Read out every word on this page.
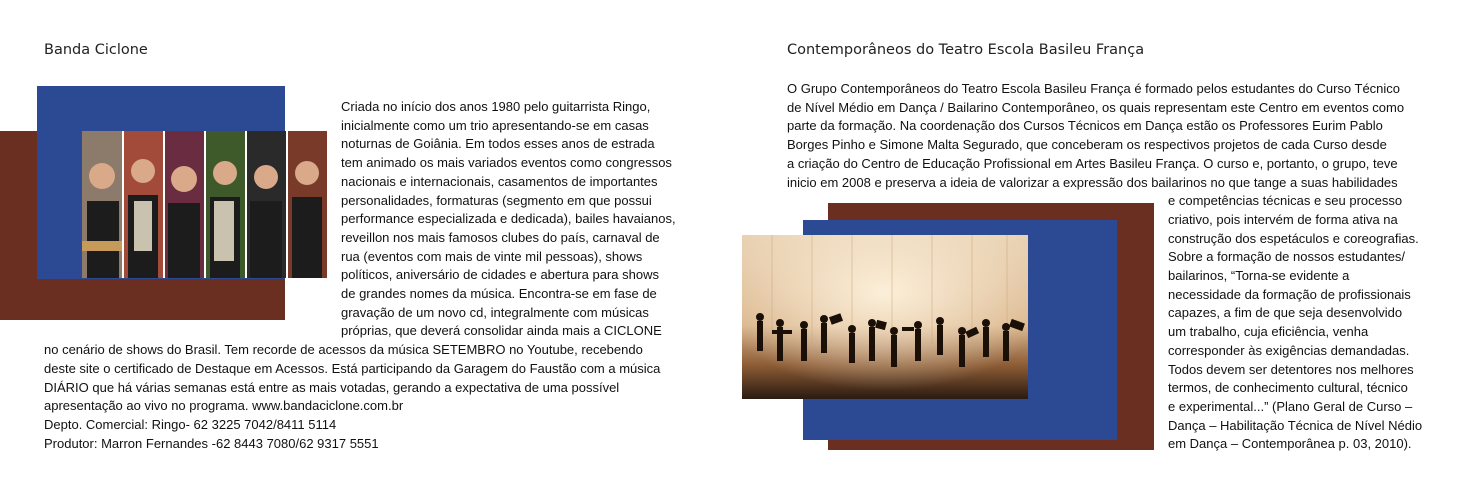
Banda Ciclone
Criada no início dos anos 1980 pelo guitarrista Ringo,
inicialmente como um trio apresentando-se em casas
noturnas de Goiânia. Em todos esses anos de estrada
tem animado os mais variados eventos como congressos
nacionais e internacionais, casamentos de importantes
personalidades, formaturas (segmento em que possui
performance especializada e dedicada), bailes havaianos,
reveillon nos mais famosos clubes do país, carnaval de
rua (eventos com mais de vinte mil pessoas), shows
políticos, aniversário de cidades e abertura para shows
de grandes nomes da música. Encontra-se em fase de
gravação de um novo cd, integralmente com músicas
próprias, que deverá consolidar ainda mais a CICLONE
no cenário de shows do Brasil. Tem recorde de acessos da música SETEMBRO no Youtube, recebendo
deste site o certificado de Destaque em Acessos. Está participando da Garagem do Faustão com a música
DIÁRIO que há várias semanas está entre as mais votadas, gerando a expectativa de uma possível
apresentação ao vivo no programa. www.bandaciclone.com.br
Depto. Comercial: Ringo- 62 3225 7042/8411 5114
Produtor: Marron Fernandes -62 8443 7080/62 9317 5551
Contemporâneos do Teatro Escola Basileu França
O Grupo Contemporâneos do Teatro Escola Basileu França é formado pelos estudantes do Curso Técnico
de Nível Médio em Dança / Bailarino Contemporâneo, os quais representam este Centro em eventos como
parte da formação. Na coordenação dos Cursos Técnicos em Dança estão os Professores Eurim Pablo
Borges Pinho e Simone Malta Segurado, que conceberam os respectivos projetos de cada Curso desde
a criação do Centro de Educação Profissional em Artes Basileu França. O curso e, portanto, o grupo, teve
inicio em 2008 e preserva a ideia de valorizar a expressão dos bailarinos no que tange a suas habilidades
e competências técnicas e seu processo
criativo, pois intervém de forma ativa na
construção dos espetáculos e coreografias.
Sobre a formação de nossos estudantes/
bailarinos, “Torna-se evidente a
necessidade da formação de profissionais
capazes, a fim de que seja desenvolvido
um trabalho, cuja eficiência, venha
corresponder às exigências demandadas.
Todos devem ser detentores nos melhores
termos, de conhecimento cultural, técnico
e experimental...” (Plano Geral de Curso –
Dança – Habilitação Técnica de Nível Nédio
em Dança – Contemporânea p. 03, 2010).
